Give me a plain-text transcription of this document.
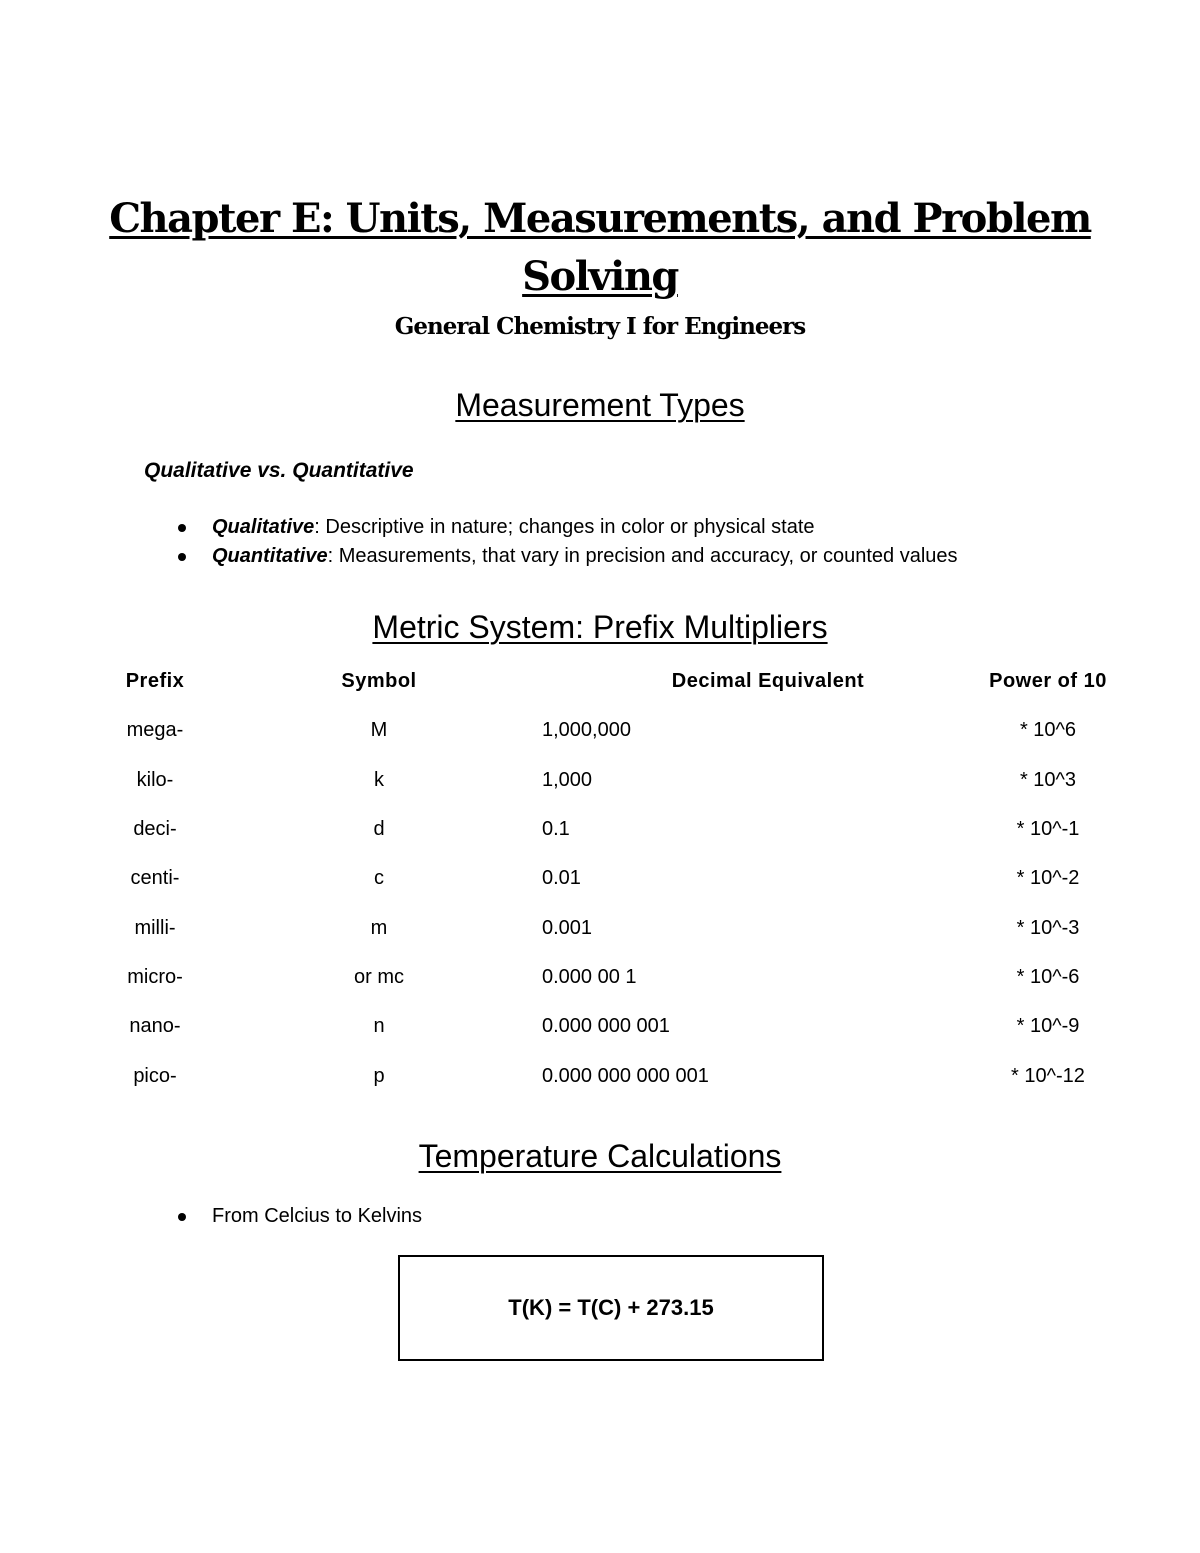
Chapter E: Units, Measurements, and Problem
Solving
General Chemistry I for Engineers
Measurement Types
Qualitative vs. Quantitative
Qualitative: Descriptive in nature; changes in color or physical state
Quantitative: Measurements, that vary in precision and accuracy, or counted values
Metric System: Prefix Multipliers
Prefix	Symbol	Decimal Equivalent	Power of 10
mega-	M	1,000,000	* 10^6
kilo-	k	1,000	* 10^3
deci-	d	0.1	* 10^-1
centi-	c	0.01	* 10^-2
milli-	m	0.001	* 10^-3
micro-	or mc	0.000 00 1	* 10^-6
nano-	n	0.000 000 001	* 10^-9
pico-	p	0.000 000 000 001	* 10^-12
Temperature Calculations
From Celcius to Kelvins
T(K) = T(C) + 273.15
